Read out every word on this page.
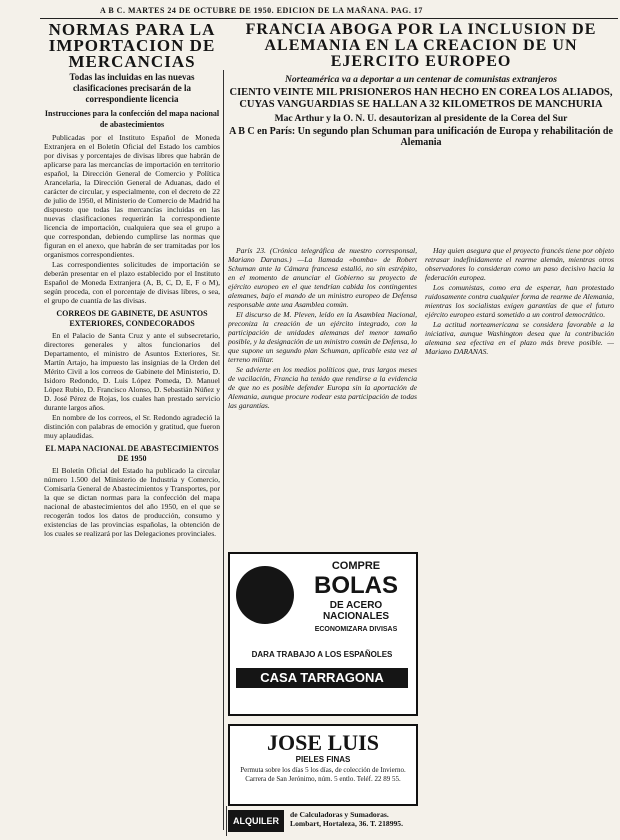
A B C. MARTES 24 DE OCTUBRE DE 1950. EDICION DE LA MAÑANA. PAG. 17
NORMAS PARA LA IMPORTACION DE MERCANCIAS
Todas las incluidas en las nuevas clasificaciones precisarán de la correspondiente licencia
Instrucciones para la confección del mapa nacional de abastecimientos

Publicadas por el Instituto Español de Moneda Extranjera en el Boletín Oficial del Estado los cambios por divisas y porcentajes de divisas libres que habrán de aplicarse para las mercancías de importación en territorio español, la Dirección General de Comercio y Política Arancelaria, la Dirección General de Aduanas, dado el carácter de circular, y especialmente, con el decreto de 22 de julio de 1950, el Ministerio de Comercio de Madrid ha dispuesto que todas las mercancías incluidas en las nuevas clasificaciones requerirán la correspondiente licencia de importación, cualquiera que sea el grupo a que correspondan, debiendo cumplirse las normas que figuran en el anexo, que habrán de ser tramitadas por los organismos correspondientes.

Las correspondientes solicitudes de importación se deberán presentar en el plazo establecido por el Instituto Español de Moneda Extranjera (A, B, C, D, E, F o M), según proceda, con el porcentaje de divisas libres, o sea, el grupo de cuantía de las divisas.

CORREOS DE GABINETE, DE ASUNTOS EXTERIORES, CONDECORADOS

En el Palacio de Santa Cruz y ante el subsecretario, directores generales y altos funcionarios del Departamento, el ministro de Asuntos Exteriores, Sr. Martín Artajo, ha impuesto las insignias de la Orden del Mérito Civil a los correos de Gabinete del Ministerio, D. Isidoro Redondo, D. Luis López Pomeda, D. Manuel López Rubio, D. Francisco Alonso, D. Sebastián Núñez y D. José Pérez de Rojas, los cuales han prestado servicio durante largos años.

En nombre de los correos, el Sr. Redondo agradeció la distinción con palabras de emoción y gratitud, que fueron muy aplaudidas.

EL MAPA NACIONAL DE ABASTECIMIENTOS DE 1950

El Boletín Oficial del Estado ha publicado la circular número 1.500 del Ministerio de Industria y Comercio, Comisaría General de Abastecimientos y Transportes, por la que se dictan normas para la confección del mapa nacional de abastecimientos del año 1950, en el que se recogerán todos los datos de producción, consumo y existencias de las provincias españolas, la obtención de los cuales se realizará por las Delegaciones provinciales.

FRANCIA ABOGA POR LA INCLUSION DE ALEMANIA EN LA CREACION DE UN EJERCITO EUROPEO
Norteamérica va a deportar a un centenar de comunistas extranjeros
CIENTO VEINTE MIL PRISIONEROS HAN HECHO EN COREA LOS ALIADOS, CUYAS VANGUARDIAS SE HALLAN A 32 KILOMETROS DE MANCHURIA
Mac Arthur y la O. N. U. desautorizan al presidente de la Corea del Sur
A B C en París: Un segundo plan Schuman para unificación de Europa y rehabilitación de Alemania

París 23. (Crónica telegráfica de nuestro corresponsal, Mariano Daranas.) —La llamada «bomba» de Robert Schuman ante la Cámara francesa estalló, no sin estrépito, en el momento de anunciar el Gobierno su proyecto de ejército europeo en el que tendrían cabida los contingentes alemanes, bajo el mando de un ministro europeo de Defensa responsable ante una Asamblea común.

El discurso de M. Pleven, leído en la Asamblea Nacional, preconiza la creación de un ejército integrado, con la participación de unidades alemanas del menor tamaño posible, y la designación de un ministro común de Defensa, lo que supone un segundo plan Schuman, aplicable esta vez al terreno militar.

Se advierte en los medios políticos que, tras largos meses de vacilación, Francia ha tenido que rendirse a la evidencia de que no es posible defender Europa sin la aportación de Alemania, aunque procure rodear esta participación de todas las garantías.

Hay quien asegura que el proyecto francés tiene por objeto retrasar indefinidamente el rearme alemán, mientras otros observadores lo consideran como un paso decisivo hacia la federación europea.

Los comunistas, como era de esperar, han protestado ruidosamente contra cualquier forma de rearme de Alemania, mientras los socialistas exigen garantías de que el futuro ejército europeo estará sometido a un control democrático.

La actitud norteamericana se considera favorable a la iniciativa, aunque Washington desea que la contribución alemana sea efectiva en el plazo más breve posible. — Mariano DARANAS.

COMPRE
BOLAS
DE ACERO NACIONALES
ECONOMIZARA DIVISAS
DARA TRABAJO A LOS ESPAÑOLES
CASA TARRAGONA BARNA
JOSE LUIS
PIELES FINAS
Permuta sobre los días 5 los días, de colección de Invierno. Carrera de San Jerónimo, núm. 5 entlo. Teléf. 22 89 55.
ALQUILER
de Calculadoras y Sumadoras. Lombart, Hortaleza, 36. T. 218995.
